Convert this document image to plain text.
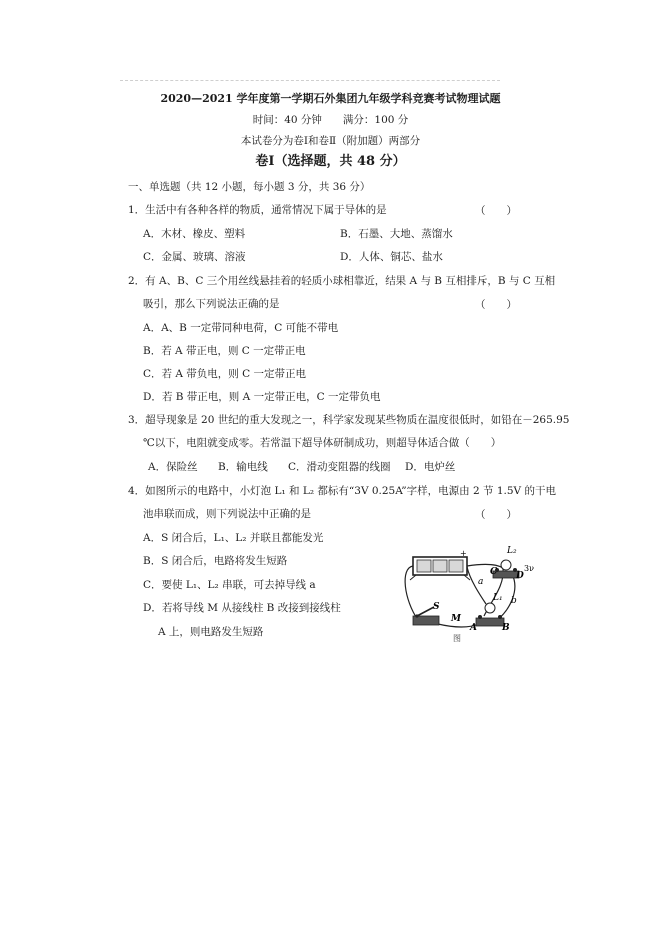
2020—2021 学年度第一学期石外集团九年级学科竞赛考试物理试题
时间：40 分钟　　满分：100 分
本试卷分为卷Ⅰ和卷Ⅱ（附加题）两部分
卷Ⅰ（选择题，共 48 分）
一、单选题（共 12 小题，每小题 3 分，共 36 分）
1．生活中有各种各样的物质，通常情况下属于导体的是	（　　）
A．木材、橡皮、塑料	B．石墨、大地、蒸馏水
C．金属、玻璃、溶液	D．人体、铜芯、盐水
2．有 A、B、C 三个用丝线悬挂着的轻质小球相靠近，结果 A 与 B 互相排斥，B 与 C 互相
吸引，那么下列说法正确的是	（　　）
A．A、B 一定带同种电荷，C 可能不带电
B．若 A 带正电，则 C 一定带正电
C．若 A 带负电，则 C 一定带正电
D．若 B 带正电，则 A 一定带正电，C 一定带负电
3．超导现象是 20 世纪的重大发现之一，科学家发现某些物质在温度很低时，如铅在－265.95
℃以下，电阻就变成零。若常温下超导体研制成功，则超导体适合做（　　）
A．保险丝 B．输电线 C．滑动变阻器的线圈 D．电炉丝
4．如图所示的电路中，小灯泡 L₁ 和 L₂ 都标有“3V 0.25A”字样，电源由 2 节 1.5V 的干电
池串联而成，则下列说法中正确的是	（　　）
A．S 闭合后，L₁、L₂ 并联且都能发光
B．S 闭合后，电路将发生短路
C．要使 L₁、L₂ 串联，可去掉导线 a
D．若将导线 M 从接线柱 B 改接到接线柱
A 上，则电路发生短路
+	L₂
C D
3ν
a
b
L₁
S
M
A	B
图
